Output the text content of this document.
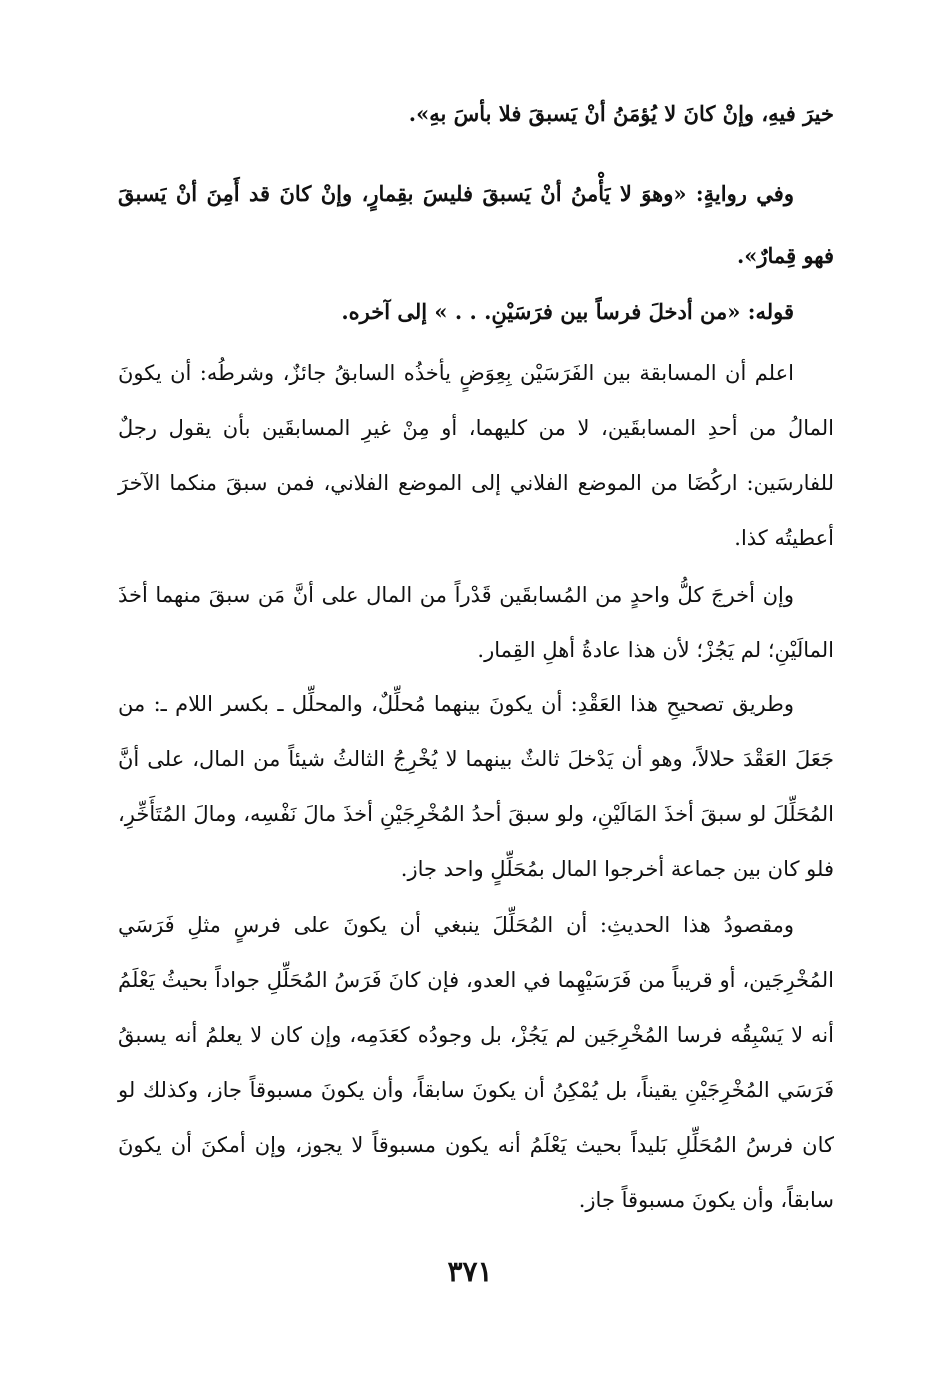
خيرَ فيهِ، وإنْ كانَ لا يُؤمَنُ أنْ يَسبقَ فلا بأسَ بهِ».

وفي روايةٍ: «وهوَ لا يَأْمنُ أنْ يَسبقَ فليسَ بقِمارٍ، وإنْ كانَ قد أَمِنَ أنْ يَسبقَ فهو قِمارٌ».

قوله: «من أدخلَ فرساً بين فرَسَيْنِ. . . » إلى آخره.

اعلم أن المسابقة بين الفَرَسَيْن بِعِوَضٍ يأخذُه السابقُ جائزٌ، وشرطُه: أن يكونَ المالُ من أحدِ المسابقَين، لا من كليهما، أو مِنْ غيرِ المسابقَين بأن يقول رجلٌ للفارسَين: اركُضَا من الموضع الفلاني إلى الموضع الفلاني، فمن سبقَ منكما الآخرَ أعطيتُه كذا.

وإن أخرجَ كلُّ واحدٍ من المُسابقَين قَدْراً من المال على أنَّ مَن سبقَ منهما أخذَ المالَيْنِ؛ لم يَجُزْ؛ لأن هذا عادةُ أهلِ القِمار.

وطريق تصحيحِ هذا العَقْدِ: أن يكونَ بينهما مُحلِّلٌ، والمحلِّل ـ بكسر اللام ـ: من جَعَلَ العَقْدَ حلالاً، وهو أن يَدْخلَ ثالثٌ بينهما لا يُخْرِجُ الثالثُ شيئاً من المال، على أنَّ المُحَلِّلَ لو سبقَ أخذَ المَالَيْنِ، ولو سبقَ أحدُ المُخْرِجَيْنِ أخذَ مالَ نَفْسِه، ومالَ المُتَأَخِّرِ، فلو كان بين جماعة أخرجوا المال بمُحَلِّلٍ واحد جاز.

ومقصودُ هذا الحديثِ: أن المُحَلِّلَ ينبغي أن يكونَ على فرسٍ مثلِ فَرَسَي المُخْرِجَين، أو قريباً من فَرَسَيْهِما في العدو، فإن كانَ فَرَسُ المُحَلِّلِ جواداً بحيثُ يَعْلَمُ أنه لا يَسْبِقُه فرسا المُخْرِجَين لم يَجُزْ، بل وجودُه كعَدَمِه، وإن كان لا يعلمُ أنه يسبقُ فَرَسَي المُخْرِجَيْنِ يقيناً، بل يُمْكِنُ أن يكونَ سابقاً، وأن يكونَ مسبوقاً جاز، وكذلك لو كان فرسُ المُحَلِّلِ بَليداً بحيث يَعْلَمُ أنه يكون مسبوقاً لا يجوز، وإن أمكنَ أن يكونَ سابقاً، وأن يكونَ مسبوقاً جاز.

٣٧١
